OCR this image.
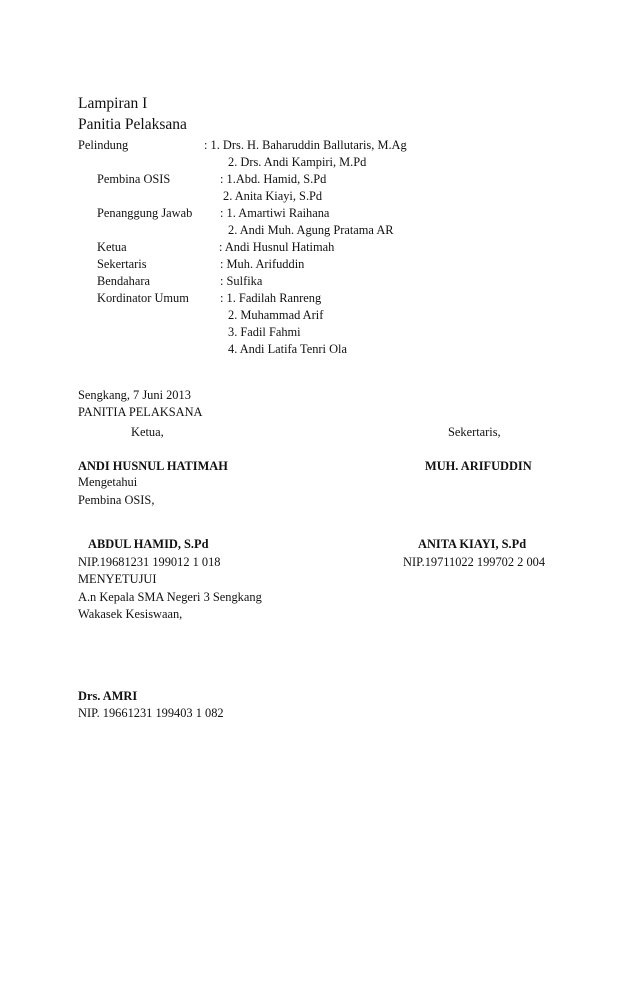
Lampiran I
Panitia Pelaksana
Pelindung	: 1. Drs. H. Baharuddin Ballutaris, M.Ag
2. Drs. Andi Kampiri, M.Pd
Pembina OSIS	: 1.Abd. Hamid, S.Pd
2. Anita Kiayi, S.Pd
Penanggung Jawab : 1. Amartiwi Raihana
2. Andi Muh. Agung Pratama AR
Ketua	: Andi Husnul Hatimah
Sekertaris	: Muh. Arifuddin
Bendahara	: Sulfika
Kordinator Umum	: 1. Fadilah Ranreng
2. Muhammad Arif
3. Fadil Fahmi
4. Andi Latifa Tenri Ola
Sengkang, 7 Juni 2013
PANITIA PELAKSANA
Ketua,	Sekertaris,
ANDI HUSNUL HATIMAH	MUH. ARIFUDDIN
Mengetahui
Pembina OSIS,
ABDUL HAMID, S.Pd	ANITA KIAYI, S.Pd
NIP.19681231 199012 1 018	NIP.19711022 199702 2 004
MENYETUJUI
A.n Kepala SMA Negeri 3 Sengkang
Wakasek Kesiswaan,
Drs. AMRI
NIP. 19661231 199403 1 082
